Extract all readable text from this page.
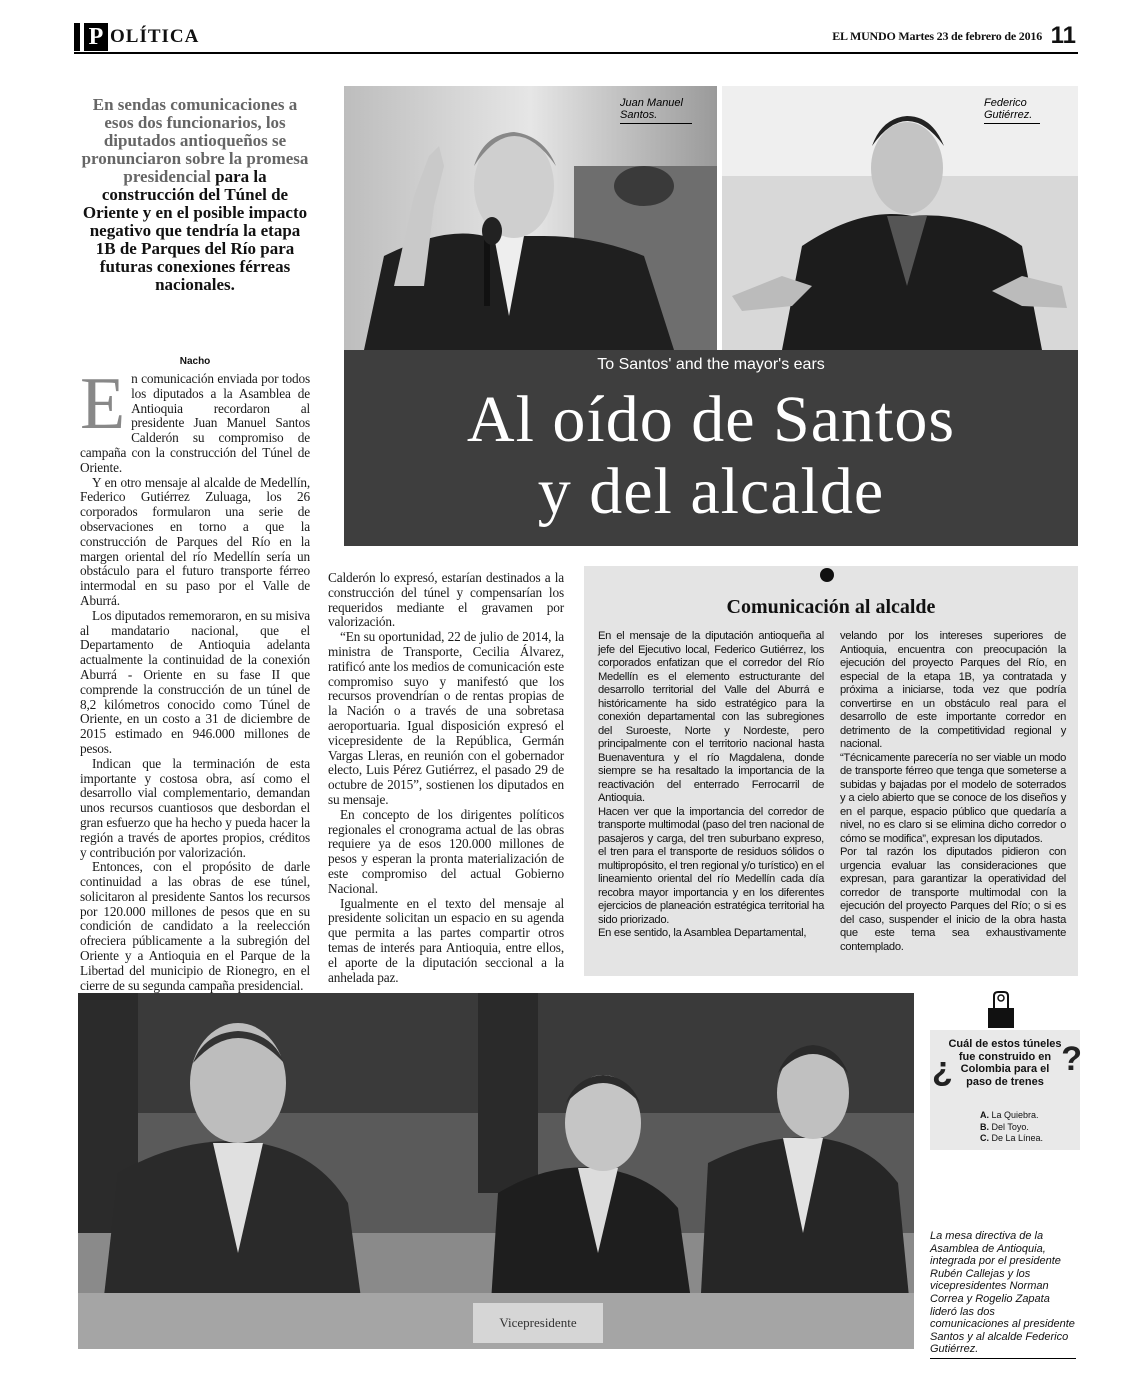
P OLÍTICA	EL MUNDO Martes 23 de febrero de 2016 11
En sendas comunicaciones a esos dos funcionarios, los diputados antioqueños se pronunciaron sobre la promesa presidencial para la construcción del Túnel de Oriente y en el posible impacto negativo que tendría la etapa 1B de Parques del Río para futuras conexiones férreas nacionales.
Juan Manuel Santos.
Federico Gutiérrez.
To Santos' and the mayor's ears
Al oído de Santos
y del alcalde
Nacho

En comunicación enviada por todos los diputados a la Asamblea de Antioquia recordaron al presidente Juan Manuel Santos Calderón su compromiso de campaña con la construcción del Túnel de Oriente.

Y en otro mensaje al alcalde de Medellín, Federico Gutiérrez Zuluaga, los 26 corporados formularon una serie de observaciones en torno a que la construcción de Parques del Río en la margen oriental del río Medellín sería un obstáculo para el futuro transporte férreo intermodal en su paso por el Valle de Aburrá.

Los diputados rememoraron, en su misiva al mandatario nacional, que el Departamento de Antioquia adelanta actualmente la continuidad de la conexión Aburrá - Oriente en su fase II que comprende la construcción de un túnel de 8,2 kilómetros conocido como Túnel de Oriente, en un costo a 31 de diciembre de 2015 estimado en 946.000 millones de pesos.

Indican que la terminación de esta importante y costosa obra, así como el desarrollo vial complementario, demandan unos recursos cuantiosos que desbordan el gran esfuerzo que ha hecho y pueda hacer la región a través de aportes propios, créditos y contribución por valorización.

Entonces, con el propósito de darle continuidad a las obras de ese túnel, solicitaron al presidente Santos los recursos por 120.000 millones de pesos que en su condición de candidato a la reelección ofreciera públicamente a la subregión del Oriente y a Antioquia en el Parque de la Libertad del municipio de Rionegro, en el cierre de su segunda campaña presidencial.

Calderón lo expresó, estarían destinados a la construcción del túnel y compensarían los requeridos mediante el gravamen por valorización.

“En su oportunidad, 22 de julio de 2014, la ministra de Transporte, Cecilia Álvarez, ratificó ante los medios de comunicación este compromiso suyo y manifestó que los recursos provendrían o de rentas propias de la Nación o a través de una sobretasa aeroportuaria. Igual disposición expresó el vicepresidente de la República, Germán Vargas Lleras, en reunión con el gobernador electo, Luis Pérez Gutiérrez, el pasado 29 de octubre de 2015”, sostienen los diputados en su mensaje.

En concepto de los dirigentes políticos regionales el cronograma actual de las obras requiere ya de esos 120.000 millones de pesos y esperan la pronta materialización de este compromiso del actual Gobierno Nacional.

Igualmente en el texto del mensaje al presidente solicitan un espacio en su agenda que permita a las partes compartir otros temas de interés para Antioquia, entre ellos, el aporte de la diputación seccional a la anhelada paz.

Comunicación al alcalde

En el mensaje de la diputación antioqueña al jefe del Ejecutivo local, Federico Gutiérrez, los corporados enfatizan que el corredor del Río Medellín es el elemento estructurante del desarrollo territorial del Valle del Aburrá e históricamente ha sido estratégico para la conexión departamental con las subregiones del Suroeste, Norte y Nordeste, pero principalmente con el territorio nacional hasta Buenaventura y el río Magdalena, donde siempre se ha resaltado la importancia de la reactivación del enterrado Ferrocarril de Antioquia.

Hacen ver que la importancia del corredor de transporte multimodal (paso del tren nacional de pasajeros y carga, del tren suburbano expreso, el tren para el transporte de residuos sólidos o multipropósito, el tren regional y/o turístico) en el lineamiento oriental del río Medellín cada día recobra mayor importancia y en los diferentes ejercicios de planeación estratégica territorial ha sido priorizado.

En ese sentido, la Asamblea Departamental,

velando por los intereses superiores de Antioquia, encuentra con preocupación la ejecución del proyecto Parques del Río, en especial de la etapa 1B, ya contratada y próxima a iniciarse, toda vez que podría convertirse en un obstáculo real para el desarrollo de este importante corredor en detrimento de la competitividad regional y nacional.

“Técnicamente parecería no ser viable un modo de transporte férreo que tenga que someterse a subidas y bajadas por el modelo de soterrados y a cielo abierto que se conoce de los diseños y en el parque, espacio público que quedaría a nivel, no es claro si se elimina dicho corredor o cómo se modifica”, expresan los diputados.

Por tal razón los diputados pidieron con urgencia evaluar las consideraciones que expresan, para garantizar la operatividad del corredor de transporte multimodal con la ejecución del proyecto Parques del Río; o si es del caso, suspender el inicio de la obra hasta que este tema sea exhaustivamente contemplado.

Vicepresidente
¿	?
Cuál de estos túneles fue construido en Colombia para el paso de trenes
A. La Quiebra.
B. Del Toyo.
C. De La Línea.
La mesa directiva de la Asamblea de Antioquia, integrada por el presidente Rubén Callejas y los vicepresidentes Norman Correa y Rogelio Zapata lideró las dos comunicaciones al presidente Santos y al alcalde Federico Gutiérrez.
